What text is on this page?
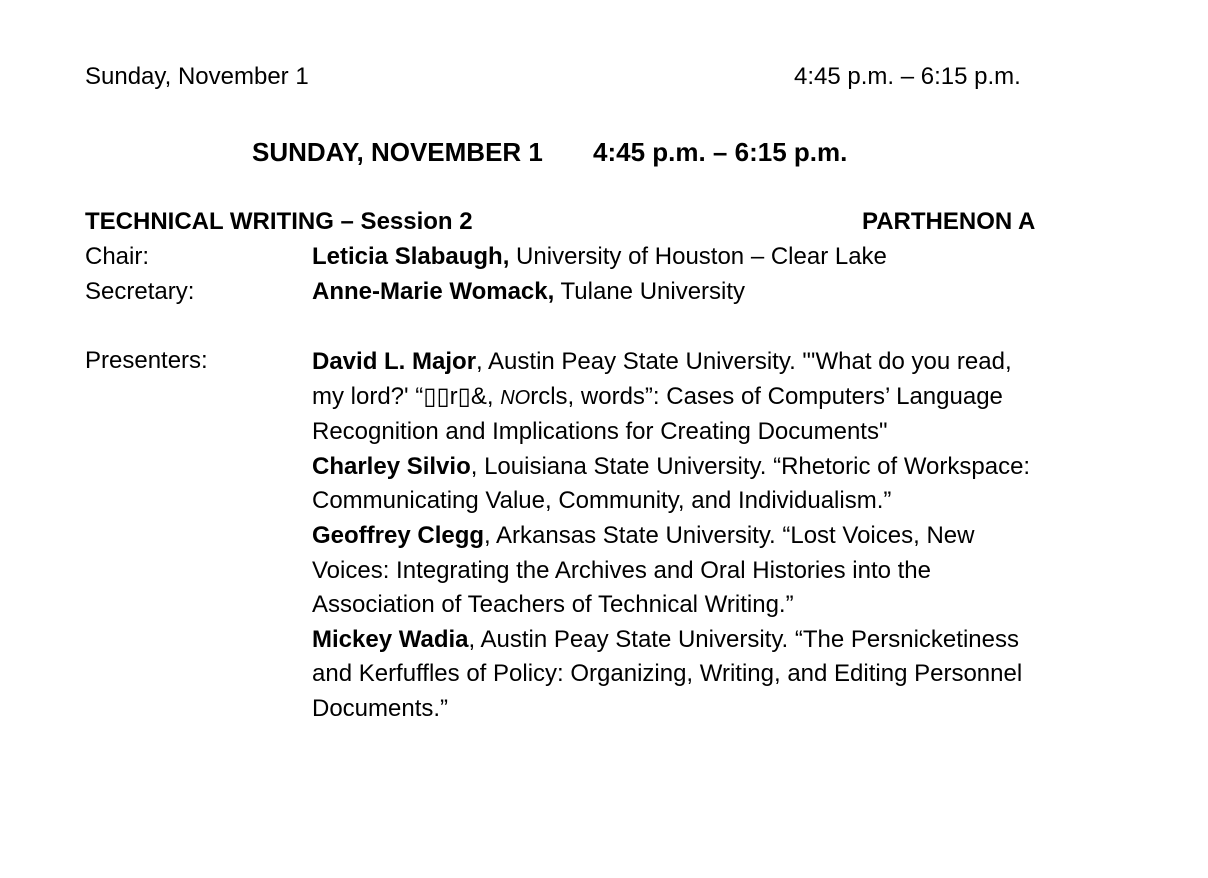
Sunday, November 1	4:45 p.m. – 6:15 p.m.
SUNDAY, NOVEMBER 1 4:45 p.m. – 6:15 p.m.
TECHNICAL WRITING – Session 2	PARTHENON A
Chair:	Leticia Slabaugh, University of Houston – Clear Lake
Secretary:	Anne-Marie Womack, Tulane University
Presenters:	David L. Major, Austin Peay State University. "'What do you read, my lord?' “▯▯r▯&, NOrcls, words”: Cases of Computers’ Language Recognition and Implications for Creating Documents"
Charley Silvio, Louisiana State University. “Rhetoric of Workspace: Communicating Value, Community, and Individualism.”
Geoffrey Clegg, Arkansas State University. “Lost Voices, New Voices: Integrating the Archives and Oral Histories into the Association of Teachers of Technical Writing.”
Mickey Wadia, Austin Peay State University. “The Persnicketiness and Kerfuffles of Policy: Organizing, Writing, and Editing Personnel Documents.”
